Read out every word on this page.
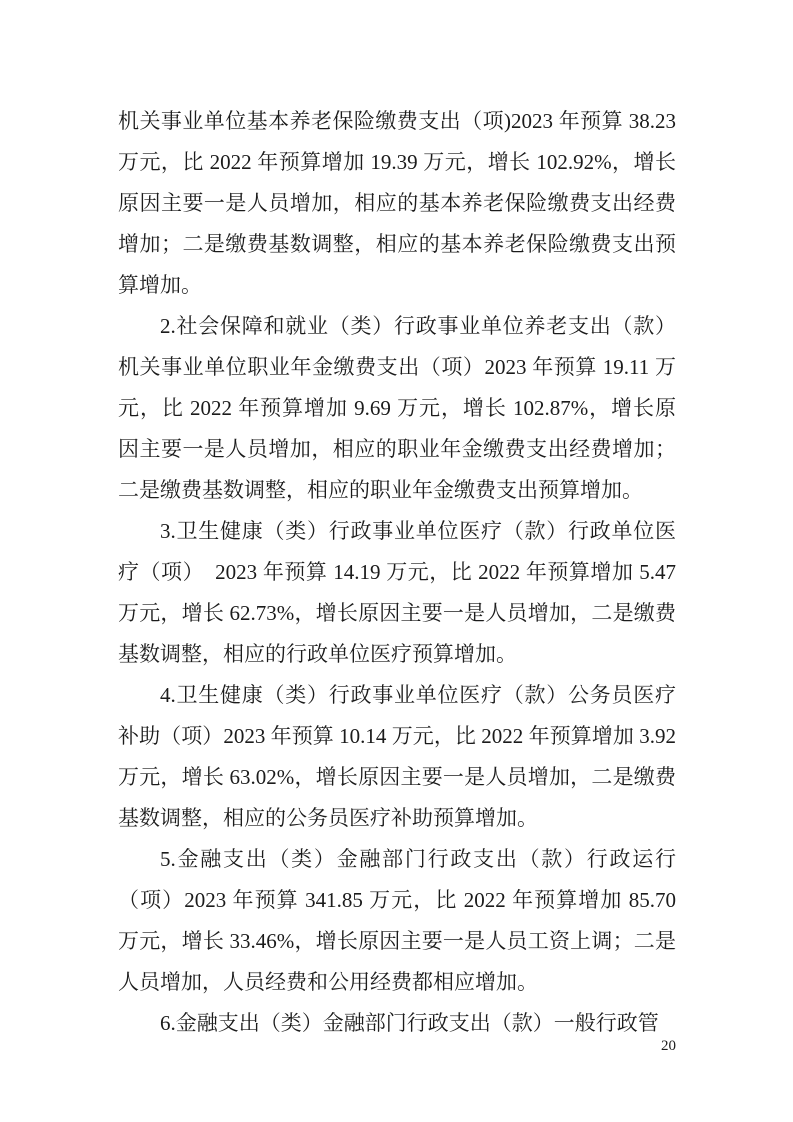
机关事业单位基本养老保险缴费支出（项)2023 年预算 38.23 万元，比 2022 年预算增加 19.39 万元，增长 102.92%，增长原因主要一是人员增加，相应的基本养老保险缴费支出经费增加；二是缴费基数调整，相应的基本养老保险缴费支出预算增加。

2.社会保障和就业（类）行政事业单位养老支出（款）机关事业单位职业年金缴费支出（项）2023 年预算 19.11 万元，比 2022 年预算增加 9.69 万元，增长 102.87%，增长原因主要一是人员增加，相应的职业年金缴费支出经费增加；二是缴费基数调整，相应的职业年金缴费支出预算增加。

3.卫生健康（类）行政事业单位医疗（款）行政单位医疗（项）　2023 年预算 14.19 万元，比 2022 年预算增加 5.47 万元，增长 62.73%，增长原因主要一是人员增加，二是缴费基数调整，相应的行政单位医疗预算增加。

4.卫生健康（类）行政事业单位医疗（款）公务员医疗补助（项）2023 年预算 10.14 万元，比 2022 年预算增加 3.92 万元，增长 63.02%，增长原因主要一是人员增加，二是缴费基数调整，相应的公务员医疗补助预算增加。

5.金融支出（类）金融部门行政支出（款）行政运行（项）2023 年预算 341.85 万元，比 2022 年预算增加 85.70 万元，增长 33.46%，增长原因主要一是人员工资上调；二是人员增加，人员经费和公用经费都相应增加。

6.金融支出（类）金融部门行政支出（款）一般行政管

20
